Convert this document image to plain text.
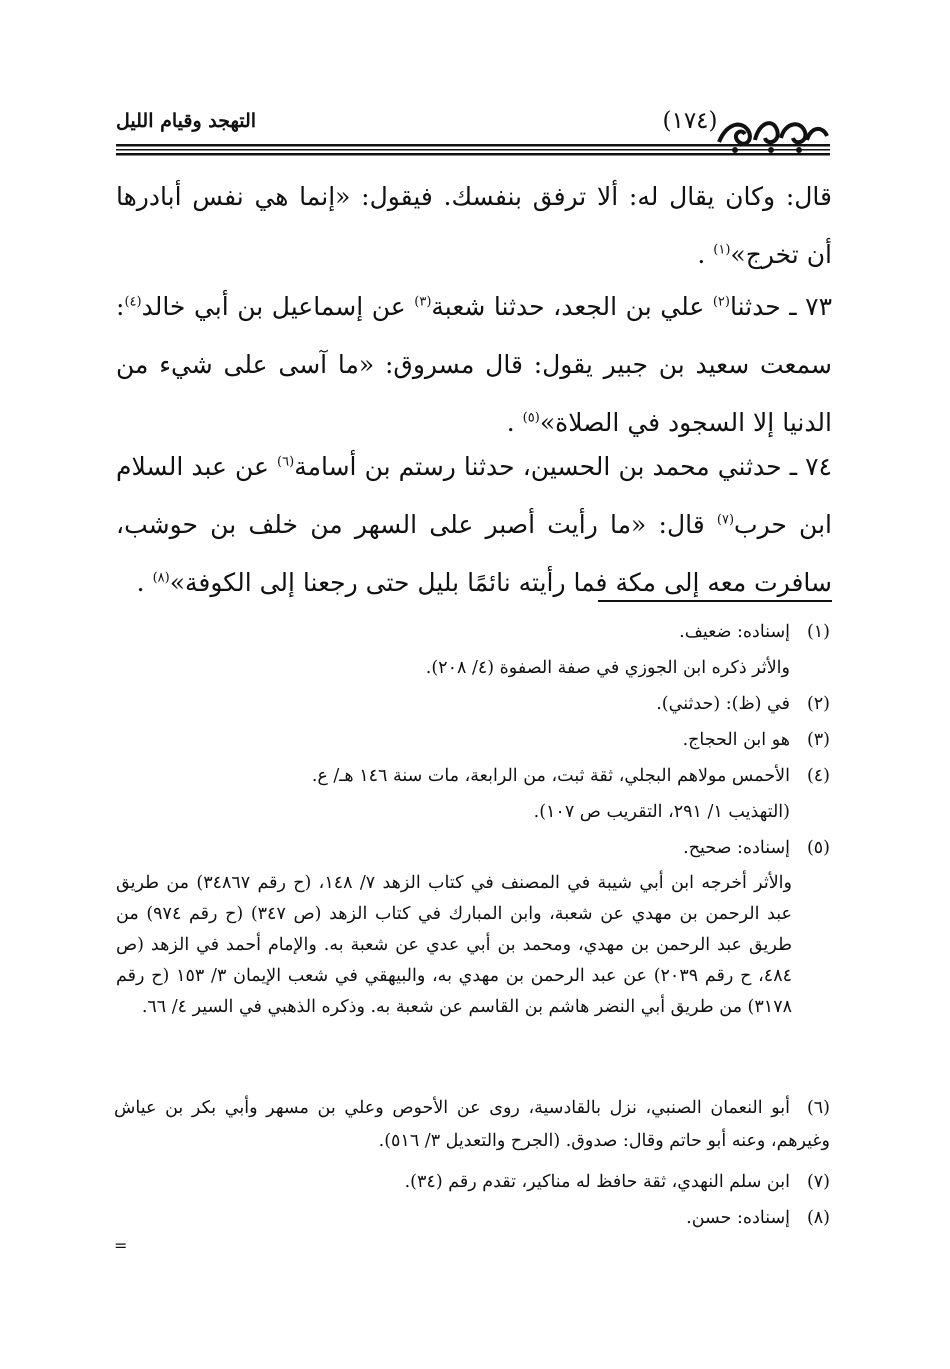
التهجد وقيام الليل	(١٧٤)
قال: وكان يقال له: ألا ترفق بنفسك. فيقول: «إنما هي نفس أبادرها أن تخرج»$^{(١)}$ .
٧٣ ـ حدثنا$^{(٢)}$ علي بن الجعد، حدثنا شعبة$^{(٣)}$ عن إسماعيل بن أبي خالد$^{(٤)}$: سمعت سعيد بن جبير يقول: قال مسروق: «ما آسى على شيء من الدنيا إلا السجود في الصلاة»$^{(٥)}$ .
٧٤ ـ حدثني محمد بن الحسين، حدثنا رستم بن أسامة$^{(٦)}$ عن عبد السلام ابن حرب$^{(٧)}$ قال: «ما رأيت أصبر على السهر من خلف بن حوشب، سافرت معه إلى مكة فما رأيته نائمًا بليل حتى رجعنا إلى الكوفة»$^{(٨)}$ .
(١)إسناده: ضعيف.
والأثر ذكره ابن الجوزي في صفة الصفوة (٤/ ٢٠٨).
(٢)في (ظ): (حدثني).
(٣)هو ابن الحجاج.
(٤)الأحمس مولاهم البجلي، ثقة ثبت، من الرابعة، مات سنة ١٤٦ هـ/ ع.
(التهذيب ١/ ٢٩١، التقريب ص ١٠٧).
(٥)إسناده: صحيح.
والأثر أخرجه ابن أبي شيبة في المصنف في كتاب الزهد ٧/ ١٤٨، (ح رقم ٣٤٨٦٧) من طريق عبد الرحمن بن مهدي عن شعبة، وابن المبارك في كتاب الزهد (ص ٣٤٧) (ح رقم ٩٧٤) من طريق عبد الرحمن بن مهدي، ومحمد بن أبي عدي عن شعبة به. والإمام أحمد في الزهد (ص ٤٨٤، ح رقم ٢٠٣٩) عن عبد الرحمن بن مهدي به، والبيهقي في شعب الإيمان ٣/ ١٥٣ (ح رقم ٣١٧٨) من طريق أبي النضر هاشم بن القاسم عن شعبة به. وذكره الذهبي في السير ٤/ ٦٦.
(٦)أبو النعمان الصنبي، نزل بالقادسية، روى عن الأحوص وعلي بن مسهر وأبي بكر بن عياش وغيرهم، وعنه أبو حاتم وقال: صدوق. (الجرح والتعديل ٣/ ٥١٦).
(٧)ابن سلم النهدي، ثقة حافظ له مناكير، تقدم رقم (٣٤).
(٨)إسناده: حسن.
=
